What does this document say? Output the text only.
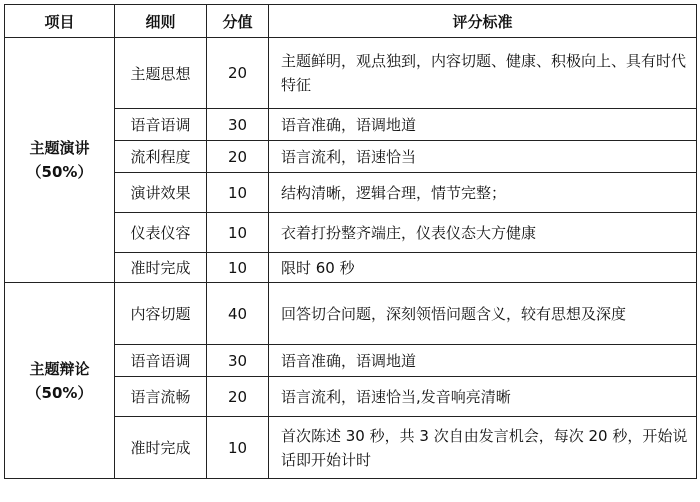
项目	细则	分值	评分标准

主题演讲
（50%）	主题思想	20	主题鲜明，观点独到，内容切题、健康、积极向上、具有时代特征
	语音语调	30	语音准确，语调地道
	流利程度	20	语言流利，语速恰当
	演讲效果	10	结构清晰，逻辑合理，情节完整；
	仪表仪容	10	衣着打扮整齐端庄，仪表仪态大方健康
	准时完成	10	限时 60 秒

主题辩论
（50%）	内容切题	40	回答切合问题，深刻领悟问题含义，较有思想及深度
	语音语调	30	语音准确，语调地道
	语言流畅	20	语言流利，语速恰当,发音响亮清晰
	准时完成	10	首次陈述 30 秒，共 3 次自由发言机会，每次 20 秒，开始说话即开始计时
